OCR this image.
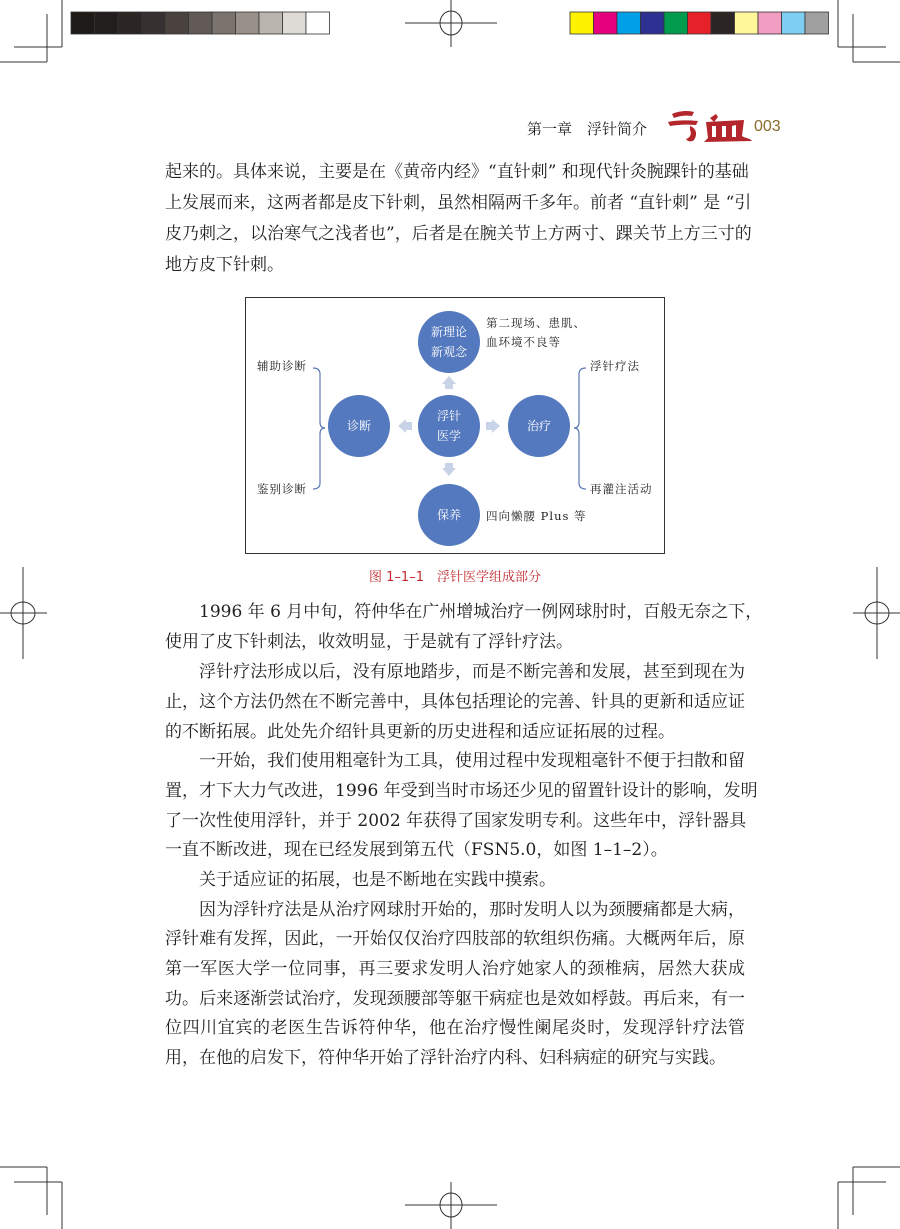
第一章　浮针简介	003
起来的。具体来说，主要是在《黄帝内经》“直针刺” 和现代针灸腕踝针的基础
上发展而来，这两者都是皮下针刺，虽然相隔两千多年。前者 “直针刺” 是 “引
皮乃刺之，以治寒气之浅者也”，后者是在腕关节上方两寸、踝关节上方三寸的
地方皮下针刺。
新理论
新观念
浮针
医学
诊断	治疗
保养
第二现场、患肌、
血环境不良等
辅助诊断
鉴别诊断
浮针疗法
再灌注活动
四向懒腰 Plus 等
图 1–1–1　浮针医学组成部分
1996 年 6 月中旬，符仲华在广州增城治疗一例网球肘时，百般无奈之下，
使用了皮下针刺法，收效明显，于是就有了浮针疗法。
浮针疗法形成以后，没有原地踏步，而是不断完善和发展，甚至到现在为
止，这个方法仍然在不断完善中，具体包括理论的完善、针具的更新和适应证
的不断拓展。此处先介绍针具更新的历史进程和适应证拓展的过程。
一开始，我们使用粗毫针为工具，使用过程中发现粗毫针不便于扫散和留
置，才下大力气改进，1996 年受到当时市场还少见的留置针设计的影响，发明
了一次性使用浮针，并于 2002 年获得了国家发明专利。这些年中，浮针器具
一直不断改进，现在已经发展到第五代（FSN5.0，如图 1–1–2）。
关于适应证的拓展，也是不断地在实践中摸索。
因为浮针疗法是从治疗网球肘开始的，那时发明人以为颈腰痛都是大病，
浮针难有发挥，因此，一开始仅仅治疗四肢部的软组织伤痛。大概两年后，原
第一军医大学一位同事，再三要求发明人治疗她家人的颈椎病，居然大获成
功。后来逐渐尝试治疗，发现颈腰部等躯干病症也是效如桴鼓。再后来，有一
位四川宜宾的老医生告诉符仲华，他在治疗慢性阑尾炎时，发现浮针疗法管
用，在他的启发下，符仲华开始了浮针治疗内科、妇科病症的研究与实践。
